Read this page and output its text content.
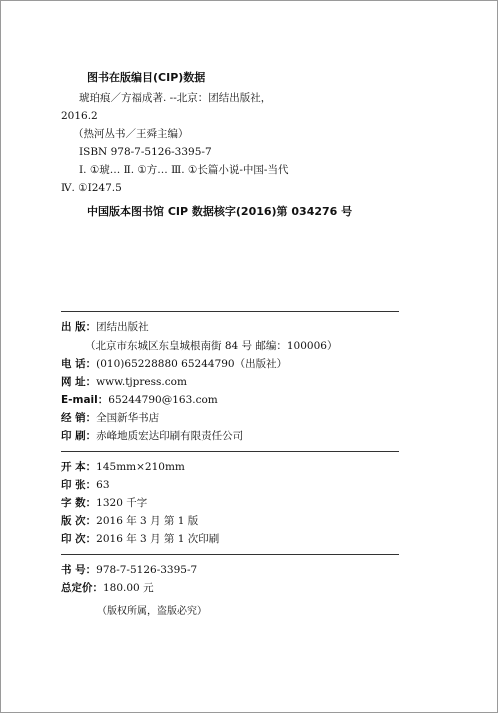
图书在版编目(CIP)数据
琥珀痕／方福成著. --北京：团结出版社，
2016.2
（热河丛书／王舜主编）
ISBN 978-7-5126-3395-7
Ⅰ. ①琥… Ⅱ. ①方… Ⅲ. ①长篇小说-中国-当代
Ⅳ. ①I247.5
中国版本图书馆 CIP 数据核字(2016)第 034276 号
出 版：团结出版社
（北京市东城区东皇城根南街 84 号 邮编：100006）
电 话：(010)65228880 65244790（出版社）
网 址：www.tjpress.com
E-mail：65244790@163.com
经 销：全国新华书店
印 刷：赤峰地质宏达印刷有限责任公司
开 本：145mm×210mm
印 张：63
字 数：1320 千字
版 次：2016 年 3 月 第 1 版
印 次：2016 年 3 月 第 1 次印刷
书 号：978-7-5126-3395-7
总定价：180.00 元
（版权所属，盗版必究）
